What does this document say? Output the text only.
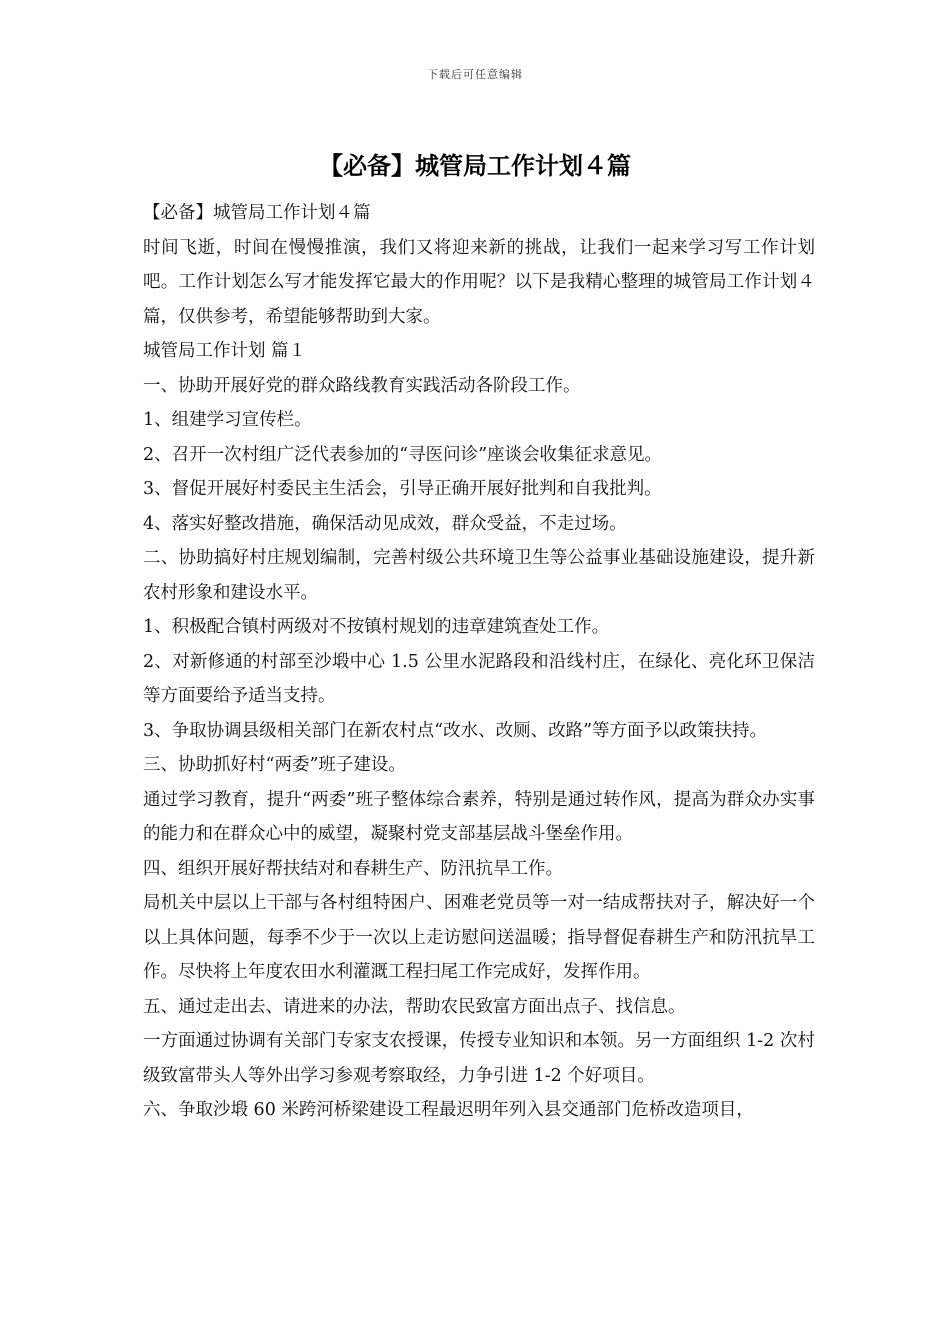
下载后可任意编辑
【必备】城管局工作计划４篇

【必备】城管局工作计划４篇

时间飞逝，时间在慢慢推演，我们又将迎来新的挑战，让我们一起来学习写工作计划吧。工作计划怎么写才能发挥它最大的作用呢？以下是我精心整理的城管局工作计划４篇，仅供参考，希望能够帮助到大家。

城管局工作计划 篇１

一、协助开展好党的群众路线教育实践活动各阶段工作。

1、组建学习宣传栏。

2、召开一次村组广泛代表参加的“寻医问诊”座谈会收集征求意见。

3、督促开展好村委民主生活会，引导正确开展好批判和自我批判。

4、落实好整改措施，确保活动见成效，群众受益，不走过场。

二、协助搞好村庄规划编制，完善村级公共环境卫生等公益事业基础设施建设，提升新农村形象和建设水平。

1、积极配合镇村两级对不按镇村规划的违章建筑查处工作。

2、对新修通的村部至沙塅中心 1.5 公里水泥路段和沿线村庄，在绿化、亮化环卫保洁等方面要给予适当支持。

3、争取协调县级相关部门在新农村点“改水、改厕、改路”等方面予以政策扶持。

三、协助抓好村“两委”班子建设。

通过学习教育，提升“两委”班子整体综合素养，特别是通过转作风，提高为群众办实事的能力和在群众心中的威望，凝聚村党支部基层战斗堡垒作用。

四、组织开展好帮扶结对和春耕生产、防汛抗旱工作。

局机关中层以上干部与各村组特困户、困难老党员等一对一结成帮扶对子，解决好一个以上具体问题，每季不少于一次以上走访慰问送温暖；指导督促春耕生产和防汛抗旱工作。尽快将上年度农田水利灌溉工程扫尾工作完成好，发挥作用。

五、通过走出去、请进来的办法，帮助农民致富方面出点子、找信息。

一方面通过协调有关部门专家支农授课，传授专业知识和本领。另一方面组织 1-2 次村级致富带头人等外出学习参观考察取经，力争引进 1-2 个好项目。

六、争取沙塅 60 米跨河桥梁建设工程最迟明年列入县交通部门危桥改造项目，
